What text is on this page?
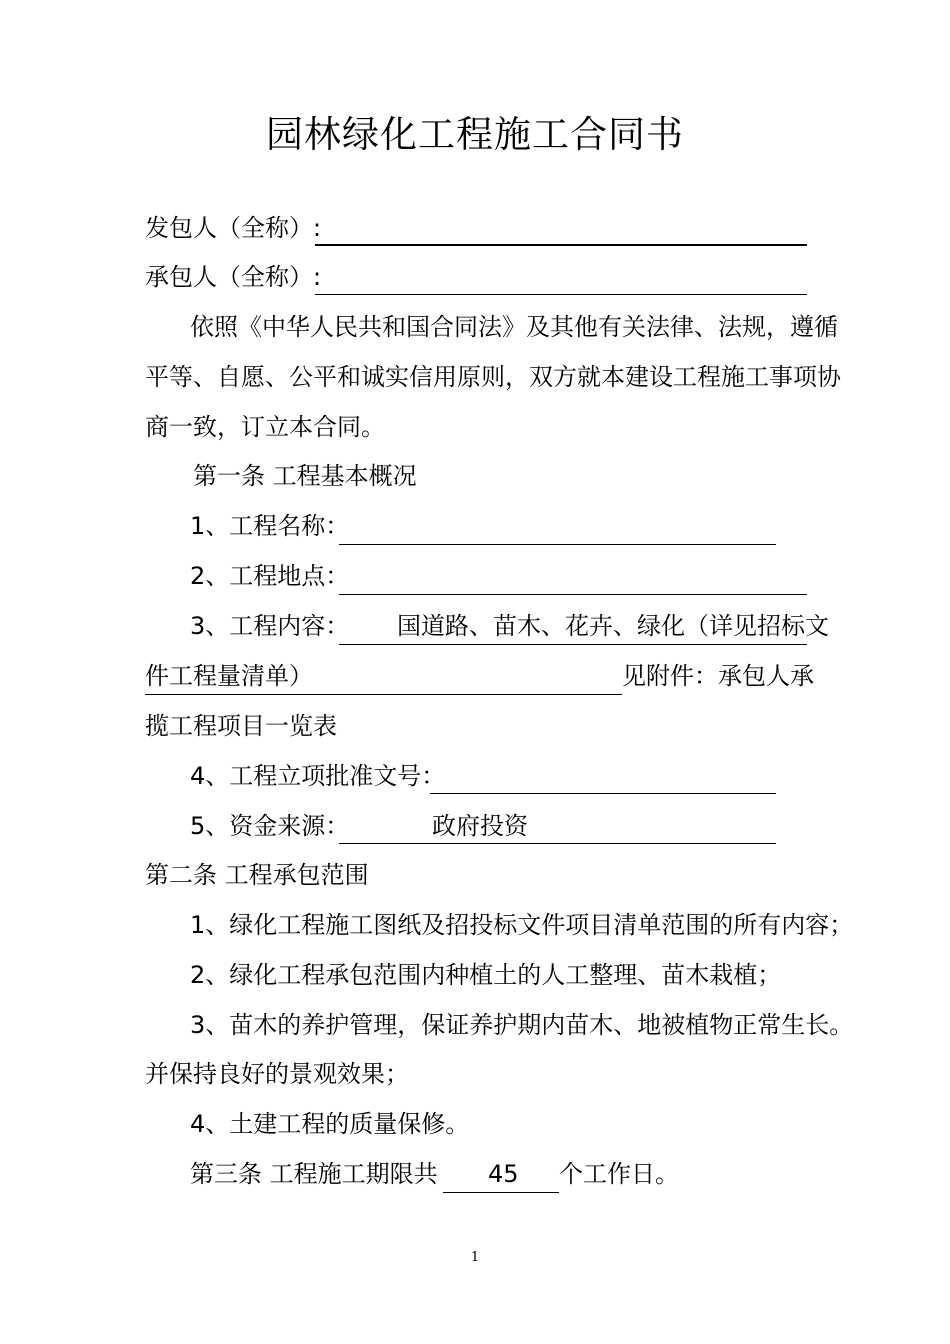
园林绿化工程施工合同书
发包人（全称）:
承包人（全称）:
依照《中华人民共和国合同法》及其他有关法律、法规，遵循
平等、自愿、公平和诚实信用原则，双方就本建设工程施工事项协
商一致，订立本合同。
第一条 工程基本概况
1、工程名称：
2、工程地点：
3、工程内容： 国道路、苗木、花卉、绿化（详见招标文
件工程量清单）	见附件：承包人承
揽工程项目一览表
4、工程立项批准文号：
5、资金来源：	政府投资
第二条 工程承包范围
1、绿化工程施工图纸及招投标文件项目清单范围的所有内容；
2、绿化工程承包范围内种植土的人工整理、苗木栽植；
3、苗木的养护管理，保证养护期内苗木、地被植物正常生长。
并保持良好的景观效果；
4、土建工程的质量保修。
第三条 工程施工期限共 45 个工作日。
1
